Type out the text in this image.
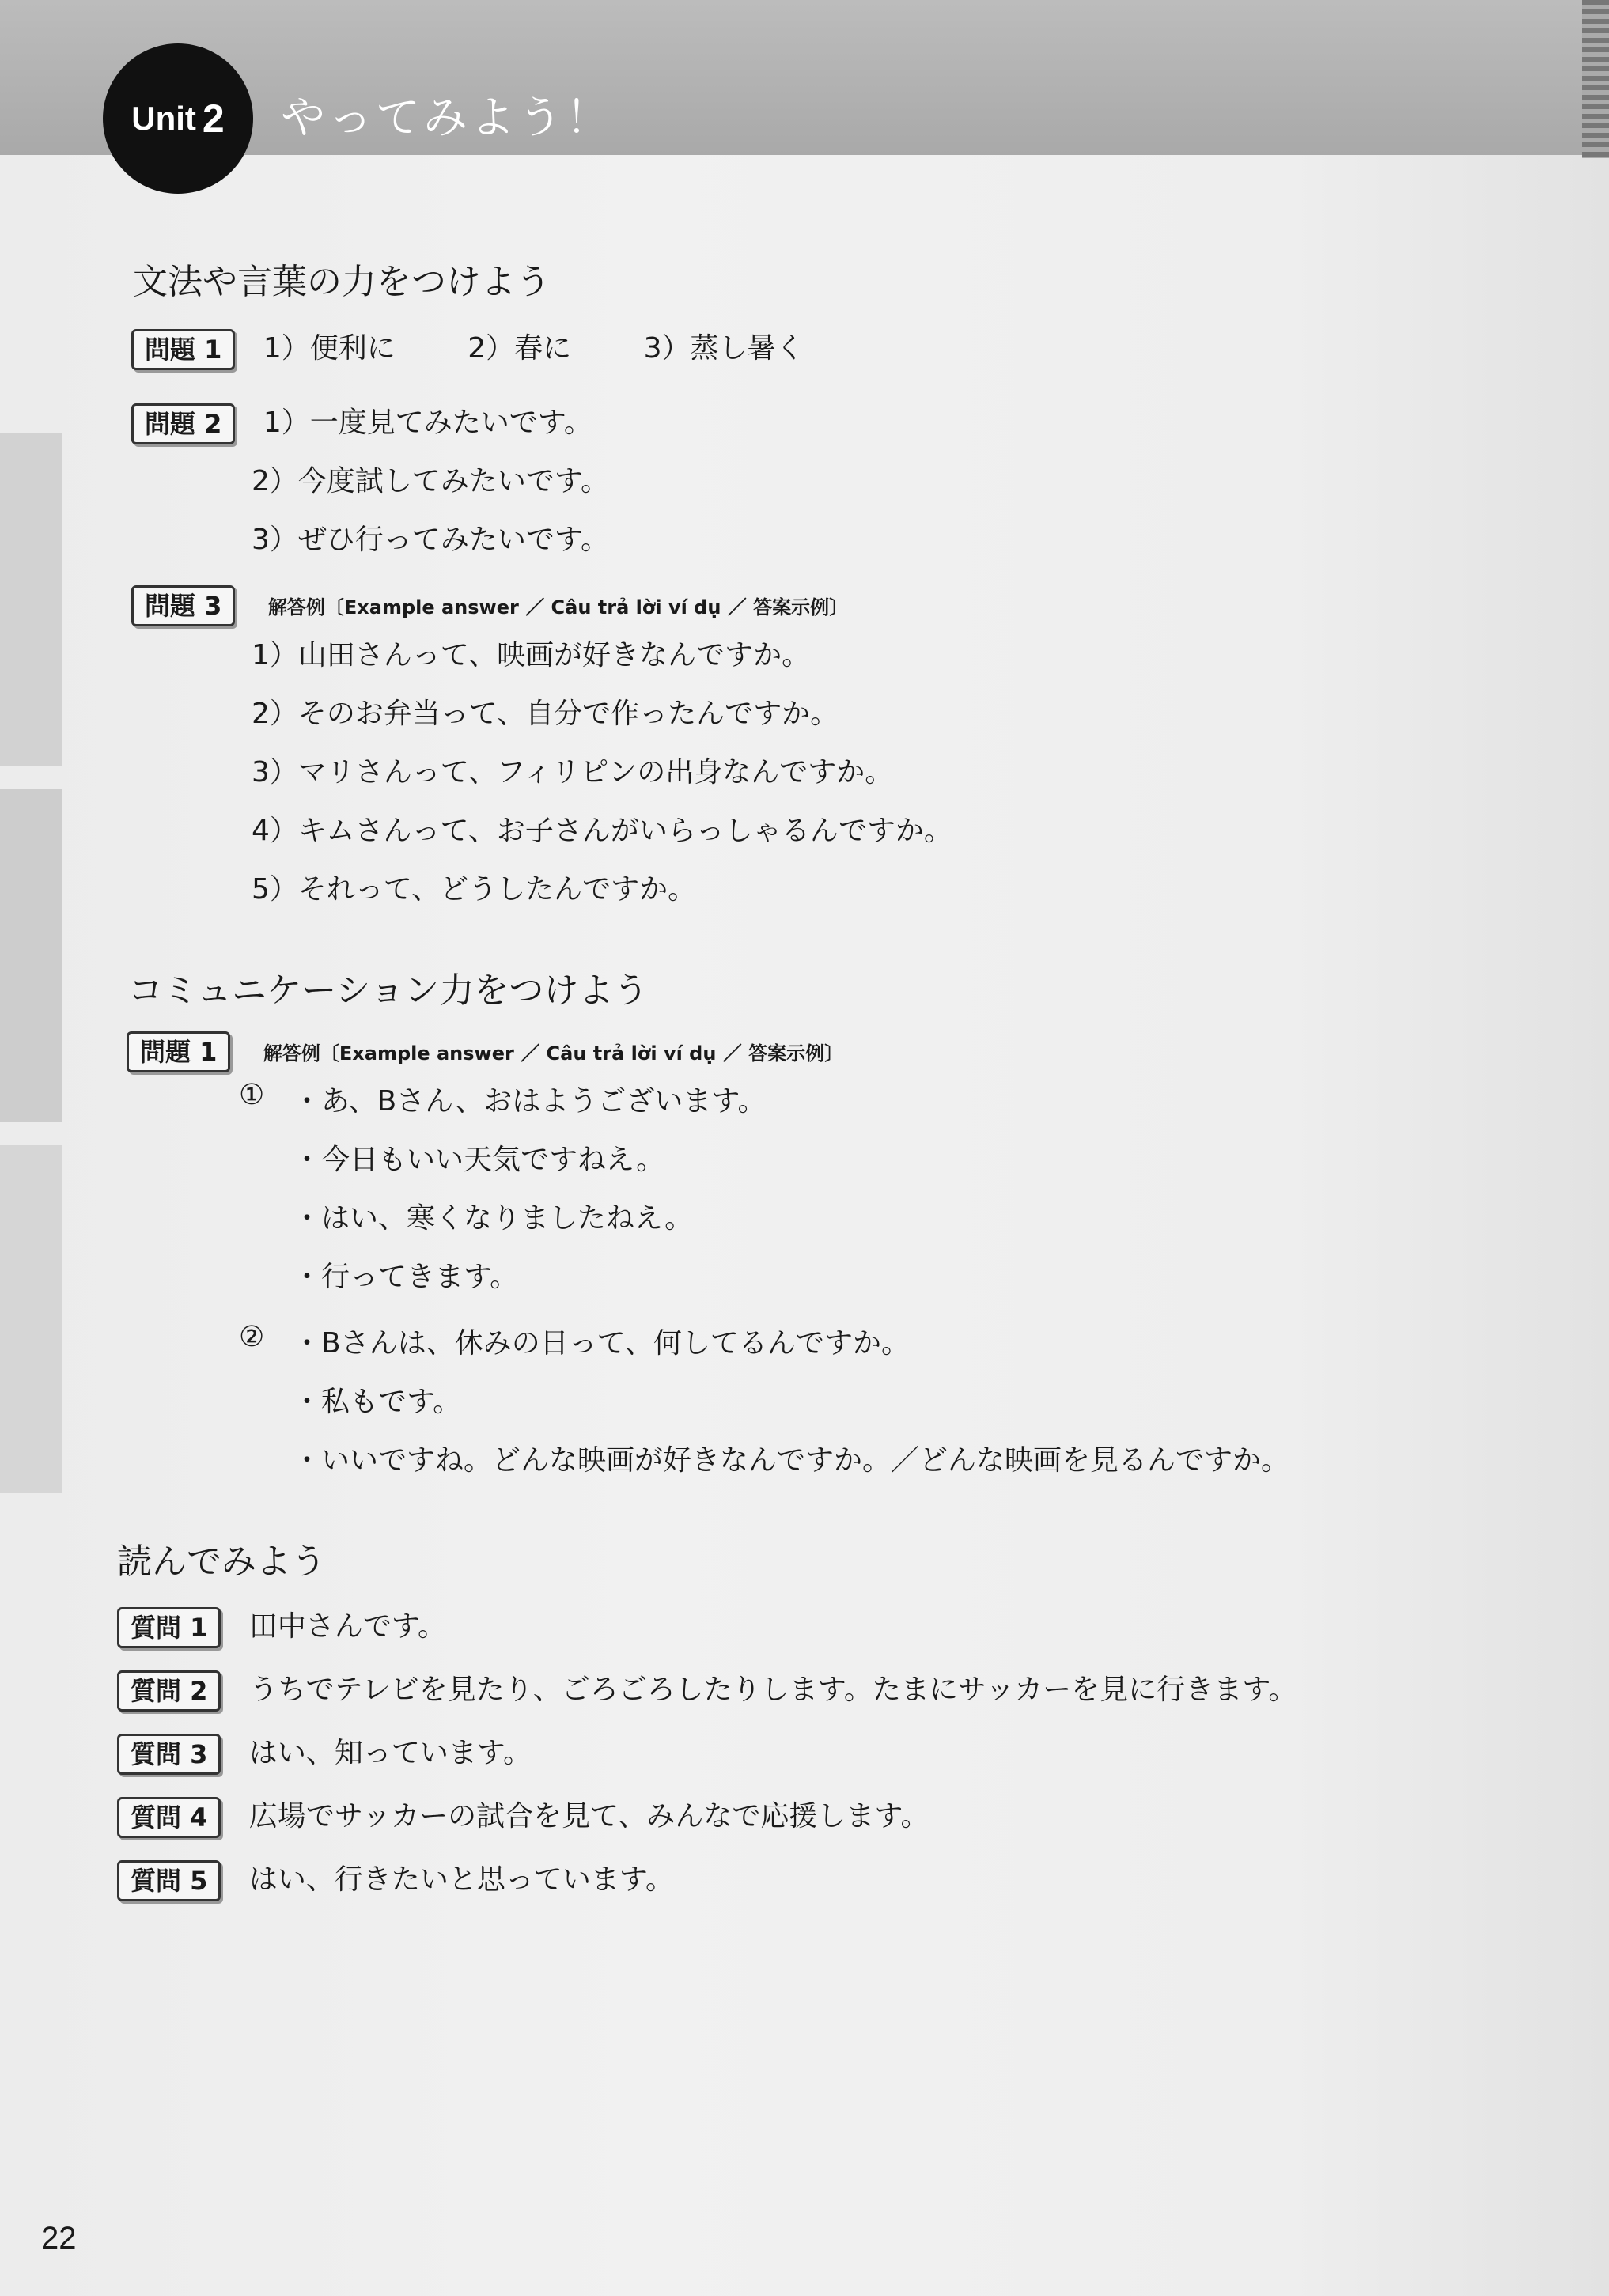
Unit 2 やってみよう！
文法や言葉の力をつけよう
問題 1 1）便利に	2）春に	3）蒸し暑く
問題 2 1）一度見てみたいです。
2）今度試してみたいです。
3）ぜひ行ってみたいです。
問題 3 解答例〔Example answer ／ Câu trả lời ví dụ ／ 答案示例〕
1）山田さんって、映画が好きなんですか。
2）そのお弁当って、自分で作ったんですか。
3）マリさんって、フィリピンの出身なんですか。
4）キムさんって、お子さんがいらっしゃるんですか。
5）それって、どうしたんですか。
コミュニケーション力をつけよう
問題 1 解答例〔Example answer ／ Câu trả lời ví dụ ／ 答案示例〕
① ・あ、Bさん、おはようございます。
・今日もいい天気ですねえ。
・はい、寒くなりましたねえ。
・行ってきます。
② ・Bさんは、休みの日って、何してるんですか。
・私もです。
・いいですね。どんな映画が好きなんですか。／どんな映画を見るんですか。
読んでみよう
質問 1 田中さんです。
質問 2 うちでテレビを見たり、ごろごろしたりします。たまにサッカーを見に行きます。
質問 3 はい、知っています。
質問 4 広場でサッカーの試合を見て、みんなで応援します。
質問 5 はい、行きたいと思っています。
22
